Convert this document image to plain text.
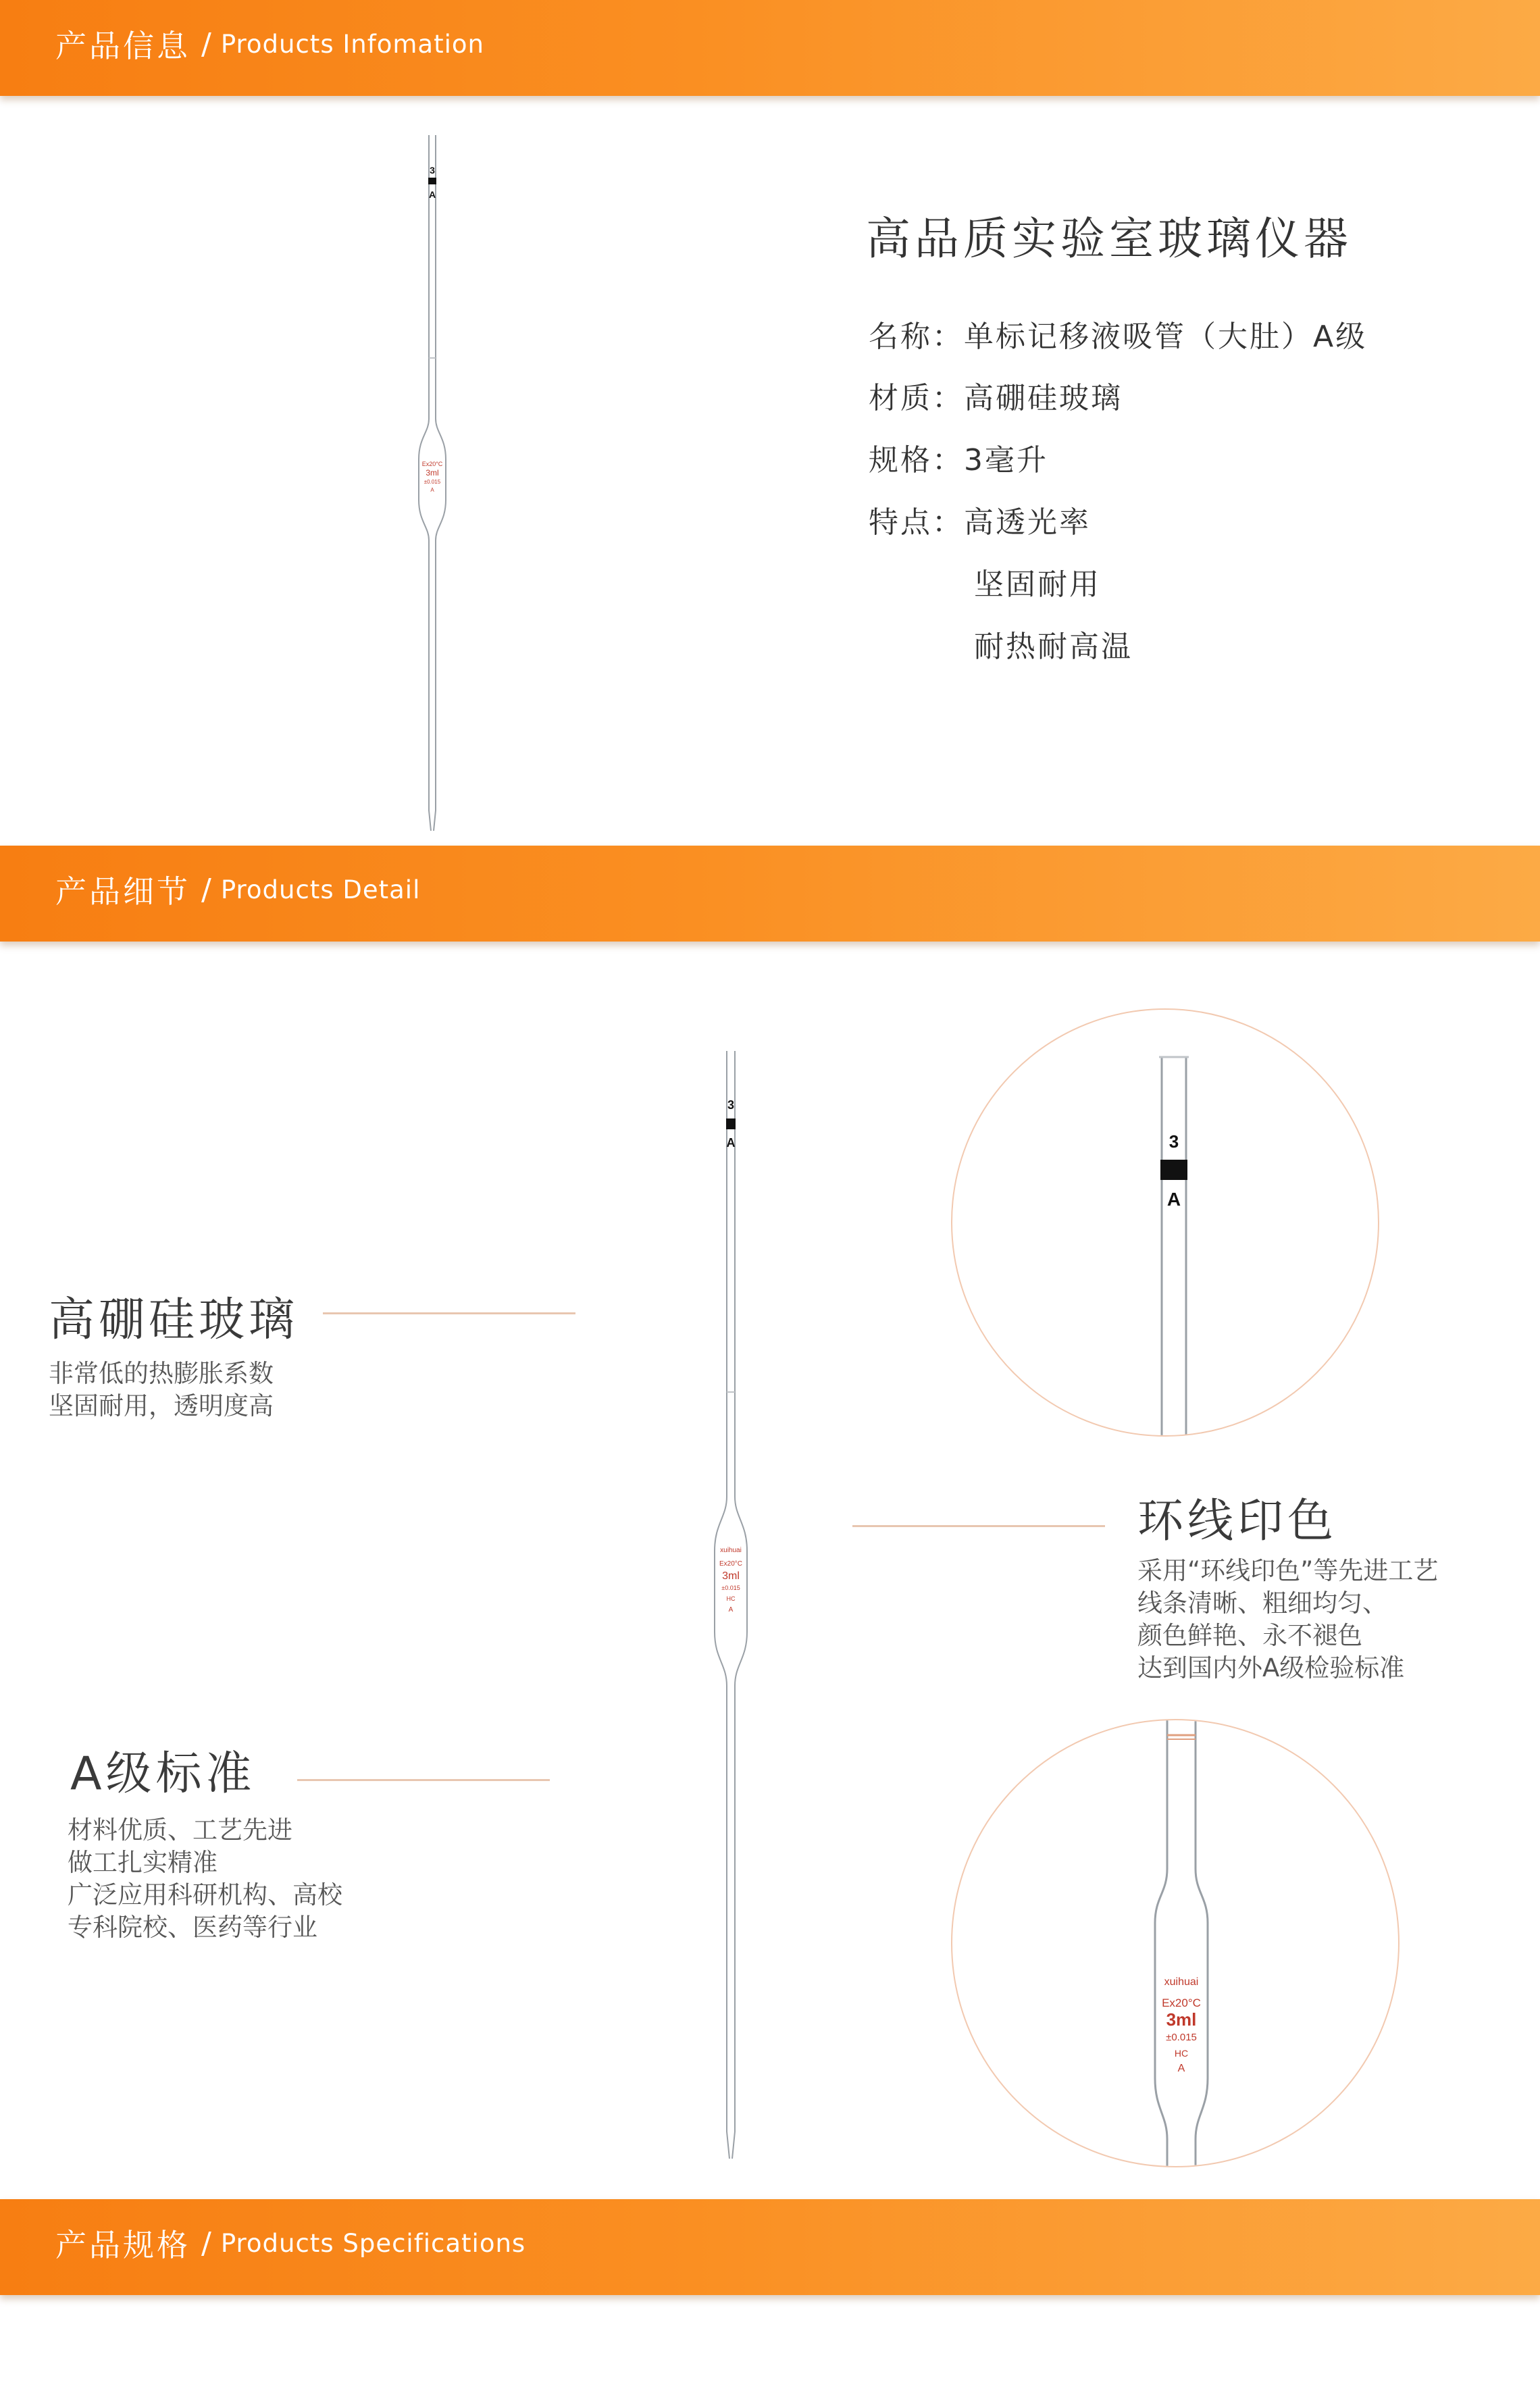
产品信息 / Products Infomation
3
A
Ex20°C
3ml
±0.015
A
高品质实验室玻璃仪器
名称：单标记移液吸管（大肚）A级
材质：高硼硅玻璃
规格：3毫升
特点：高透光率
坚固耐用
耐热耐高温
产品细节 / Products Detail
高硼硅玻璃
非常低的热膨胀系数
坚固耐用，透明度高
环线印色
采用“环线印色”等先进工艺
线条清晰、粗细均匀、
颜色鲜艳、永不褪色
达到国内外A级检验标准
A级标准
材料优质、工艺先进
做工扎实精准
广泛应用科研机构、高校
专科院校、医药等行业
3
A
xuihuai
Ex20°C
3ml
±0.015
HC
A
3
A
xuihuai
Ex20°C
3ml
±0.015
HC
A
产品规格 / Products Specifications
